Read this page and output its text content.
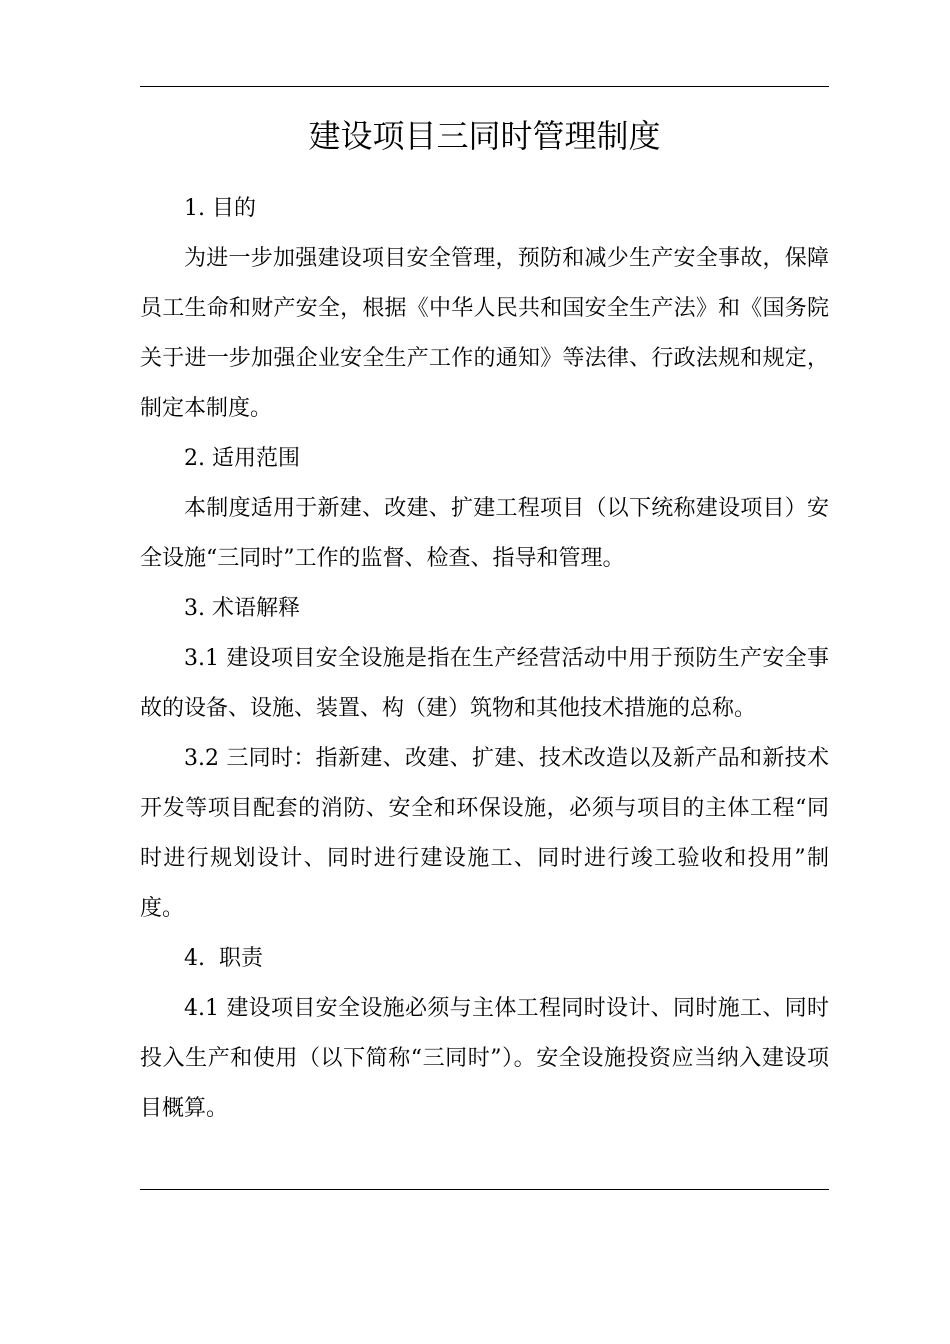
建设项目三同时管理制度

1. 目的

为进一步加强建设项目安全管理，预防和减少生产安全事故，保障员工生命和财产安全，根据《中华人民共和国安全生产法》和《国务院关于进一步加强企业安全生产工作的通知》等法律、行政法规和规定，制定本制度。

2. 适用范围

本制度适用于新建、改建、扩建工程项目（以下统称建设项目）安全设施“三同时”工作的监督、检查、指导和管理。

3. 术语解释

3.1 建设项目安全设施是指在生产经营活动中用于预防生产安全事故的设备、设施、装置、构（建）筑物和其他技术措施的总称。

3.2 三同时：指新建、改建、扩建、技术改造以及新产品和新技术开发等项目配套的消防、安全和环保设施，必须与项目的主体工程“同时进行规划设计、同时进行建设施工、同时进行竣工验收和投用”制度。

4.  职责

4.1 建设项目安全设施必须与主体工程同时设计、同时施工、同时投入生产和使用（以下简称“三同时”）。安全设施投资应当纳入建设项目概算。
